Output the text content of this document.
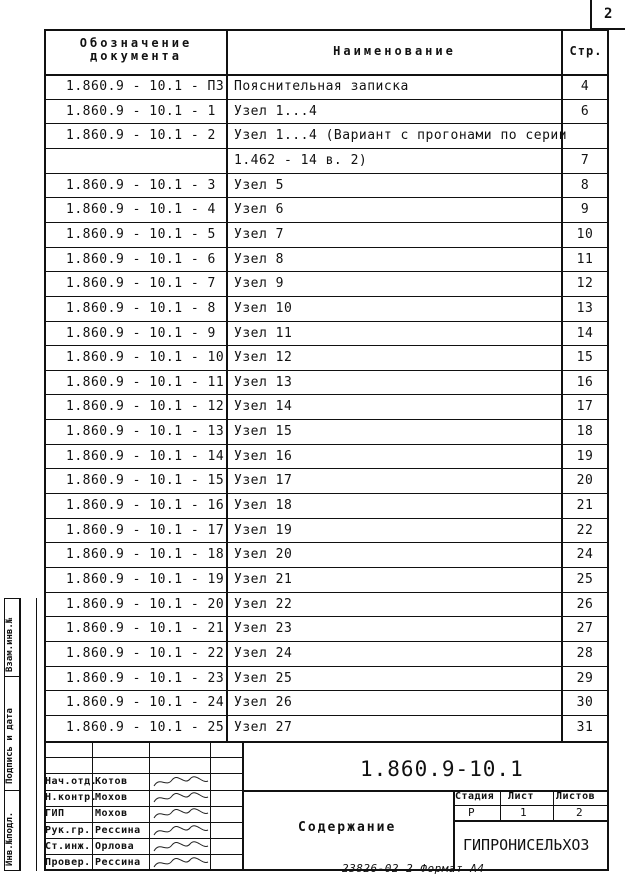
2
Обозначение документа	Наименование	Стр.
1.860.9 - 10.1 - ПЗ Пояснительная записка	4
1.860.9 - 10.1 - 1 Узел 1...4	6
1.860.9 - 10.1 - 2 Узел 1...4 (Вариант с прогонами по серии
1.462 - 14 в. 2)	7
1.860.9 - 10.1 - 3 Узел 5	8
1.860.9 - 10.1 - 4 Узел 6	9
1.860.9 - 10.1 - 5 Узел 7	10
1.860.9 - 10.1 - 6 Узел 8	11
1.860.9 - 10.1 - 7 Узел 9	12
1.860.9 - 10.1 - 8 Узел 10	13
1.860.9 - 10.1 - 9 Узел 11	14
1.860.9 - 10.1 - 10 Узел 12	15
1.860.9 - 10.1 - 11 Узел 13	16
1.860.9 - 10.1 - 12 Узел 14	17
1.860.9 - 10.1 - 13 Узел 15	18
1.860.9 - 10.1 - 14 Узел 16	19
1.860.9 - 10.1 - 15 Узел 17	20
1.860.9 - 10.1 - 16 Узел 18	21
1.860.9 - 10.1 - 17 Узел 19	22
1.860.9 - 10.1 - 18 Узел 20	24
1.860.9 - 10.1 - 19 Узел 21	25
1.860.9 - 10.1 - 20 Узел 22	26
1.860.9 - 10.1 - 21 Узел 23	27
1.860.9 - 10.1 - 22 Узел 24	28
1.860.9 - 10.1 - 23 Узел 25	29
1.860.9 - 10.1 - 24 Узел 26	30
1.860.9 - 10.1 - 25 Узел 27	31
Инв.№подл.
Подпись и дата
Взам.инв.№
Нач.отд.
Котов
Н.контр.
Мохов
ГИП	Мохов
Рук.гр. Рессина
Ст.инж. Орлова
Провер. Рессина
1.860.9-10.1
Содержание
Стадия Лист Листов
Р	1	2
ГИПРОНИСЕЛЬХОЗ
23826-02 2 Формат А4
